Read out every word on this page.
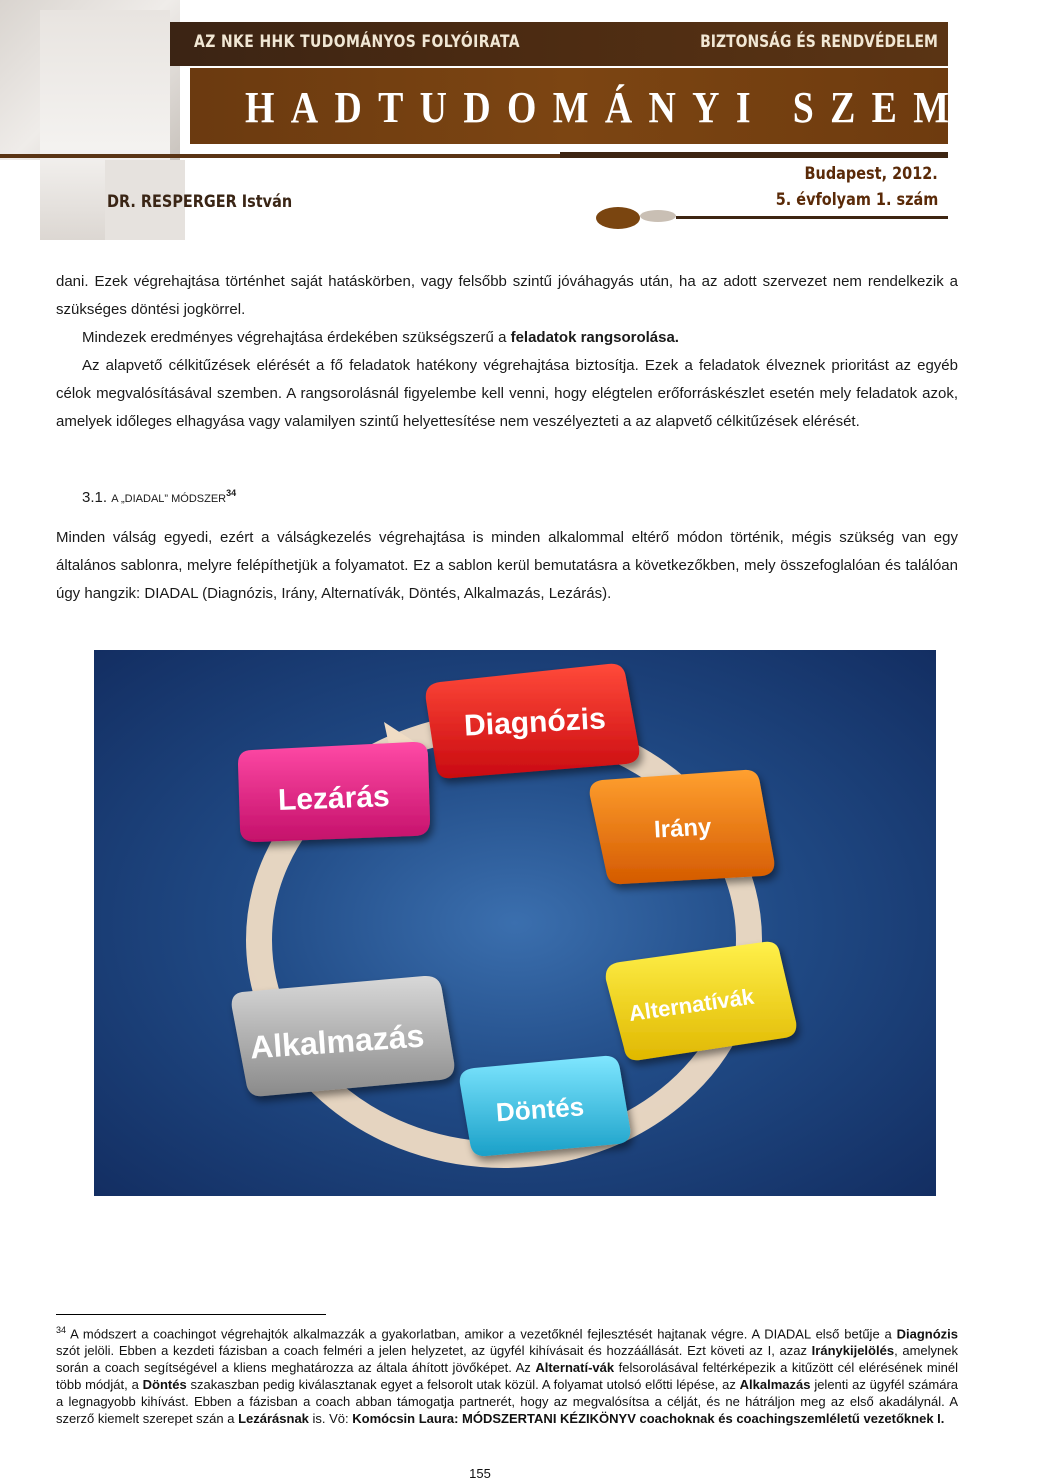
AZ NKE HHK TUDOMÁNYOS FOLYÓIRATA	BIZTONSÁG ÉS RENDVÉDELEM
HADTUDOMÁNYI SZEMLE
DR. RESPERGER István
Budapest, 2012.
5. évfolyam 1. szám

dani. Ezek végrehajtása történhet saját hatáskörben, vagy felsőbb szintű jóváhagyás után, ha az adott szervezet nem rendelkezik a szükséges döntési jogkörrel.

Mindezek eredményes végrehajtása érdekében szükségszerű a feladatok rangsorolása.

Az alapvető célkitűzések elérését a fő feladatok hatékony végrehajtása biztosítja. Ezek a feladatok élveznek prioritást az egyéb célok megvalósításával szemben. A rangsorolásnál figyelembe kell venni, hogy elégtelen erőforráskészlet esetén mely feladatok azok, amelyek időleges elhagyása vagy valamilyen szintű helyettesítése nem veszélyezteti a az alapvető célkitűzések elérését.

3.1. A „DIADAL” MÓDSZER$^{34}$

Minden válság egyedi, ezért a válságkezelés végrehajtása is minden alkalommal eltérő módon történik, mégis szükség van egy általános sablonra, melyre felépíthetjük a folyamatot. Ez a sablon kerül bemutatásra a következőkben, mely összefoglalóan és találóan úgy hangzik: DIADAL (Diagnózis, Irány, Alternatívák, Döntés, Alkalmazás, Lezárás).

Diagnózis
Irány
Alternatívák
Döntés
Alkalmazás
Lezárás
$^{34}$ A módszert a coachingot végrehajtók alkalmazzák a gyakorlatban, amikor a vezetőknél fejlesztését hajtanak végre. A DIADAL első betűje a Diagnózis szót jelöli. Ebben a kezdeti fázisban a coach felméri a jelen helyzetet, az ügyfél kihívásait és hozzáállását. Ezt követi az I, azaz Iránykijelölés, amelynek során a coach segítségével a kliens meghatározza az általa áhított jövőképet. Az Alternatí-vák felsorolásával feltérképezik a kitűzött cél elérésének minél több módját, a Döntés szakaszban pedig kiválasztanak egyet a felsorolt utak közül. A folyamat utolsó előtti lépése, az Alkalmazás jelenti az ügyfél számára a legnagyobb kihívást. Ebben a fázisban a coach abban támogatja partnerét, hogy az megvalósítsa a célját, és ne hátráljon meg az első akadálynál. A szerző kiemelt szerepet szán a Lezárásnak is. Vö: Komócsin Laura: MÓDSZERTANI KÉZIKÖNYV coachoknak és coachingszemléletű vezetőknek I.
155
